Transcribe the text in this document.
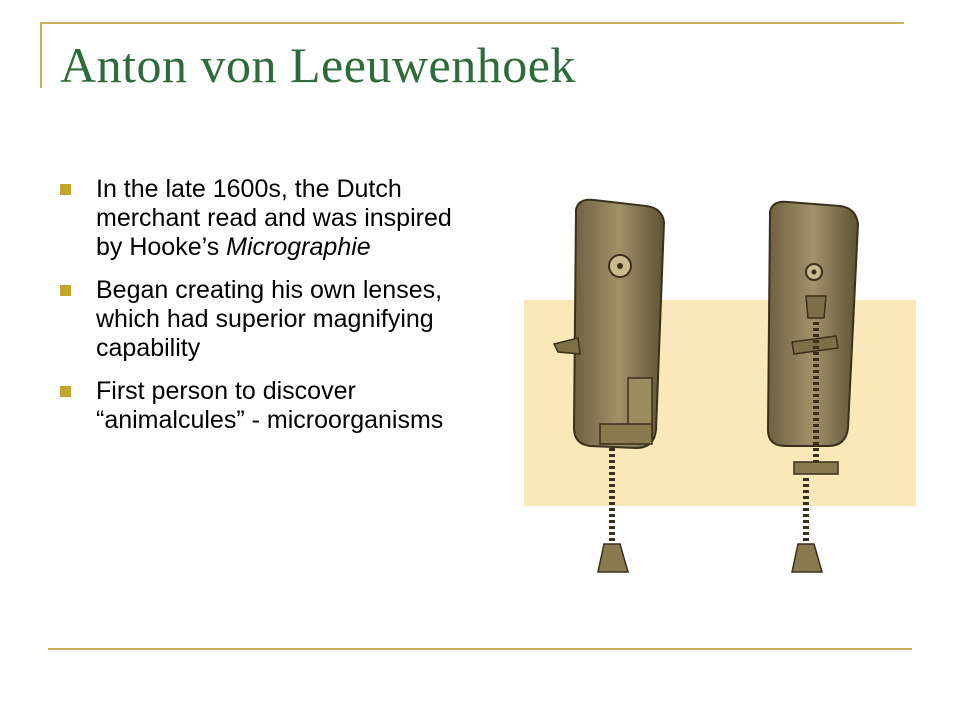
Anton von Leeuwenhoek
In the late 1600s, the Dutch merchant read and was inspired by Hooke’s Micrographie
Began creating his own lenses, which had superior magnifying capability
First person to discover “animalcules” - microorganisms
